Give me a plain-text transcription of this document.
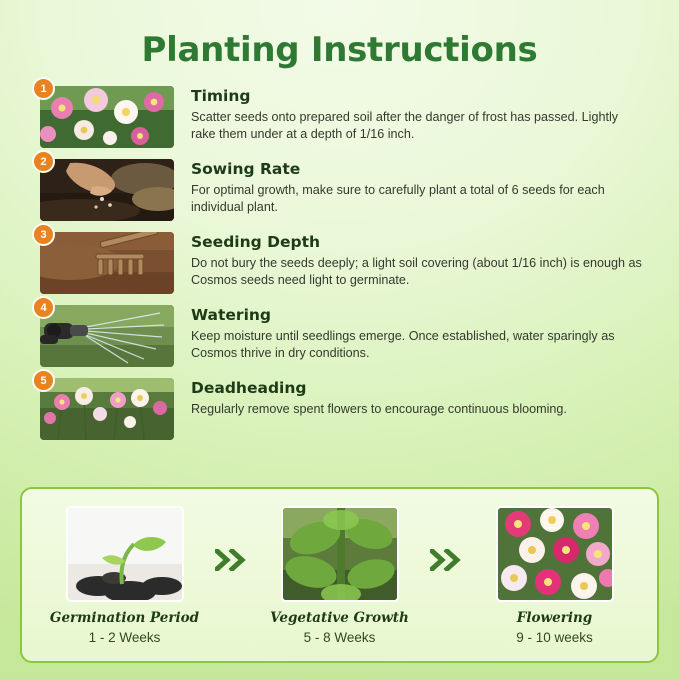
Planting Instructions
1	Timing
Scatter seeds onto prepared soil after the danger of frost has passed. Lightly rake them under at a depth of 1/16 inch.
2	Sowing Rate
For optimal growth, make sure to carefully plant a total of 6 seeds for each individual plant.
3	Seeding Depth
Do not bury the seeds deeply; a light soil covering (about 1/16 inch) is enough as Cosmos seeds need light to germinate.
4	Watering
Keep moisture until seedlings emerge. Once established, water sparingly as Cosmos thrive in dry conditions.
5	Deadheading
Regularly remove spent flowers to encourage continuous blooming.
Germination Period
1 - 2 Weeks
Vegetative Growth
5 - 8 Weeks
Flowering
9 - 10 weeks
